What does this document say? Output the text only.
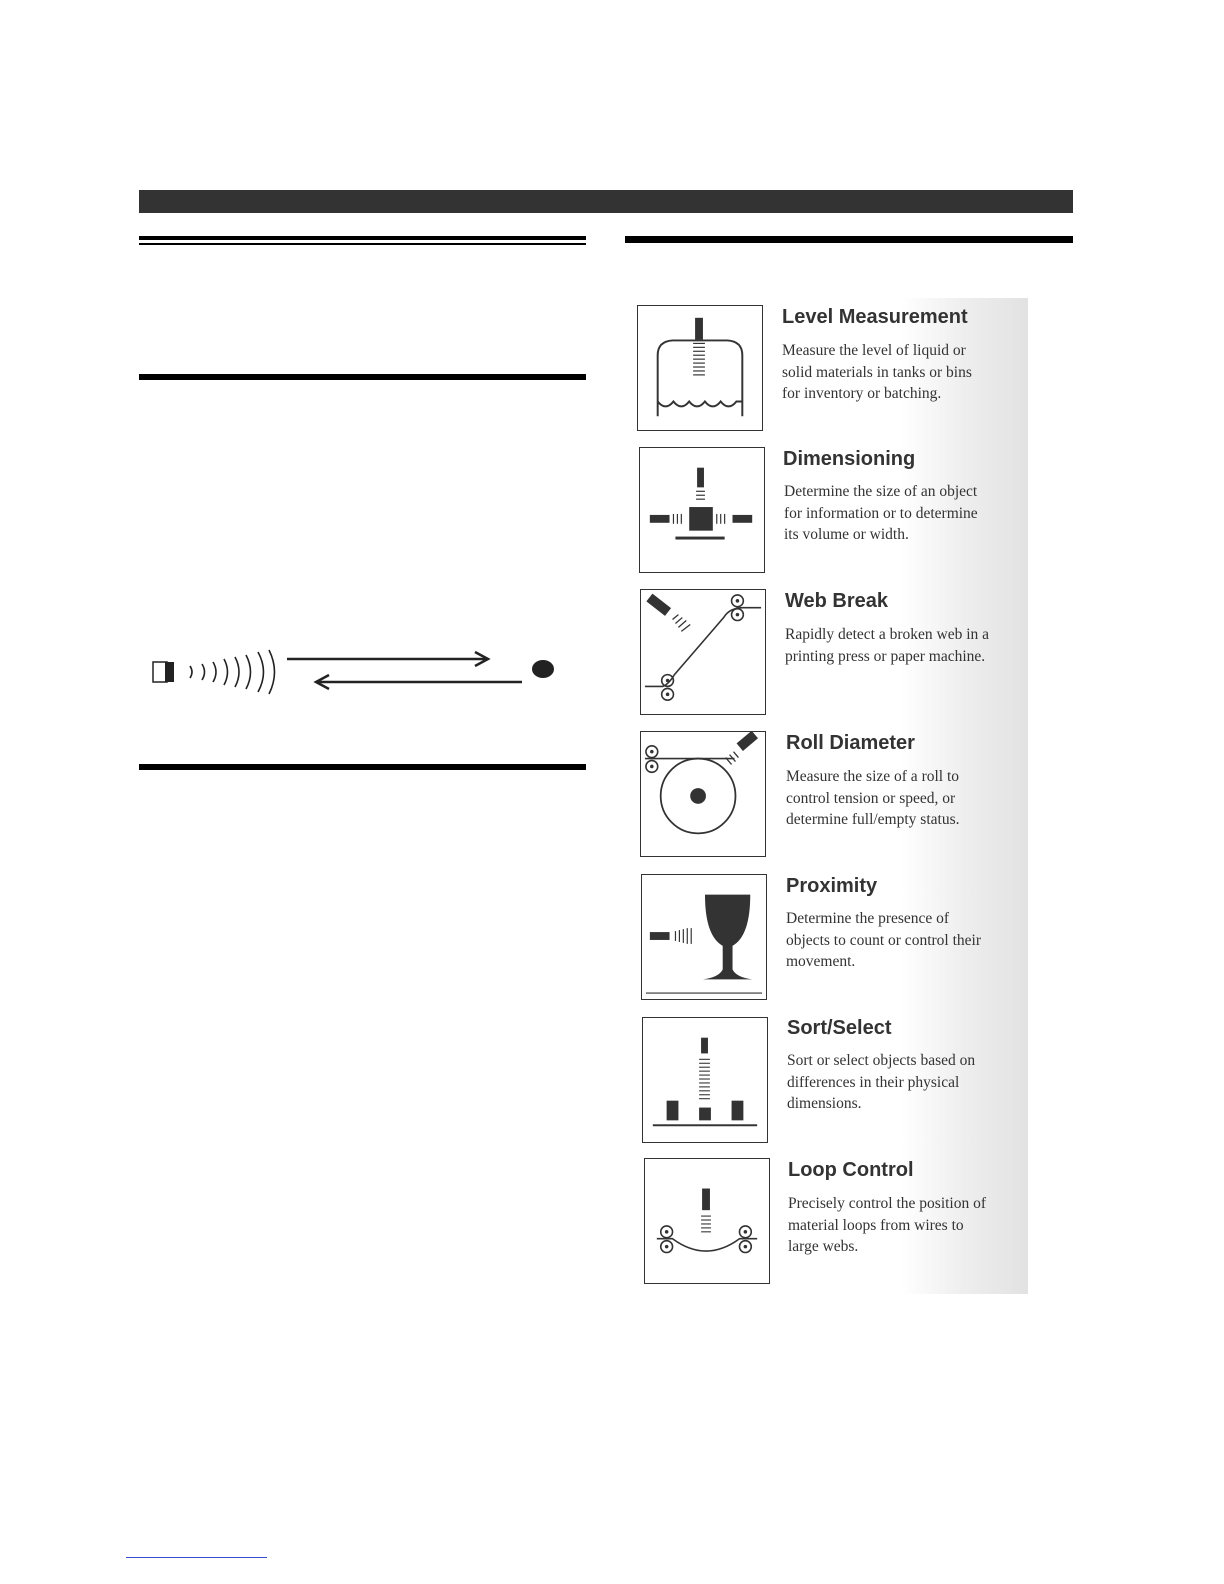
Level Measurement
Measure the level of liquid or
solid materials in tanks or bins
for inventory or batching.
Dimensioning
Determine the size of an object
for information or to determine
its volume or width.
Web Break
Rapidly detect a broken web in a
printing press or paper machine.
Roll Diameter
Measure the size of a roll to
control tension or speed, or
determine full/empty status.
Proximity
Determine the presence of
objects to count or control their
movement.
Sort/Select
Sort or select objects based on
differences in their physical
dimensions.
Loop Control
Precisely control the position of
material loops from wires to
large webs.
